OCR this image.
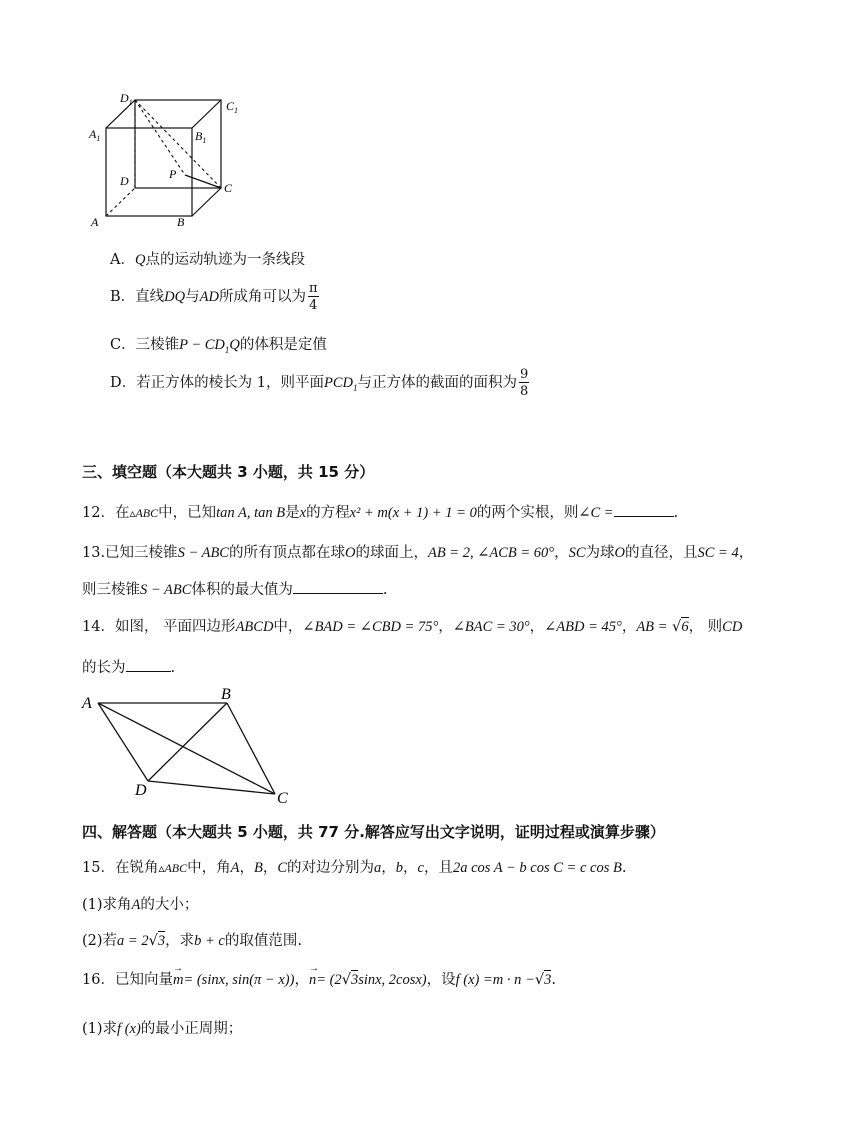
$D_1$	$C_1$
$A_1$	$B_1$
D	P
C
A	B
A．Q点的运动轨迹为一条线段
B．直线DQ与AD所成角可以为 $\frac{\pi}{4}$
C．三棱锥$P - CD_1Q$的体积是定值
D．若正方体的棱长为 1，则平面$PCD_1$与正方体的截面的面积为 $\frac{9}{8}$
三、填空题（本大题共 3 小题，共 15 分）
12．在▵ABC中，已知tan A, tan B是x的方程x² + m(x + 1) + 1 = 0的两个实根，则∠C =	.
13.已知三棱锥S − ABC的所有顶点都在球O的球面上，AB = 2, ∠ACB = 60°，SC为球O的直径，且SC = 4，
则三棱锥S − ABC体积的最大值为	.
14．如图， 平面四边形ABCD中，∠BAD = ∠CBD = 75°，∠BAC = 30°，∠ABD = 45°，AB = √6， 则CD
的长为	.
A
B
D	C
四、解答题（本大题共 5 小题，共 77 分.解答应写出文字说明，证明过程或演算步骤）
15．在锐角▵ABC中，角A，B，C的对边分别为a，b，c，且2a cos A − b cos C = c cos B.
(1)求角A的大小；
(2)若a = 2√3，求b + c的取值范围.
16．已知向量
→
m= (sinx, sin(π − x))，
→
n= (2√3sinx, 2cosx)，设f (x) =m · n −√3.
(1)求f (x)的最小正周期；
